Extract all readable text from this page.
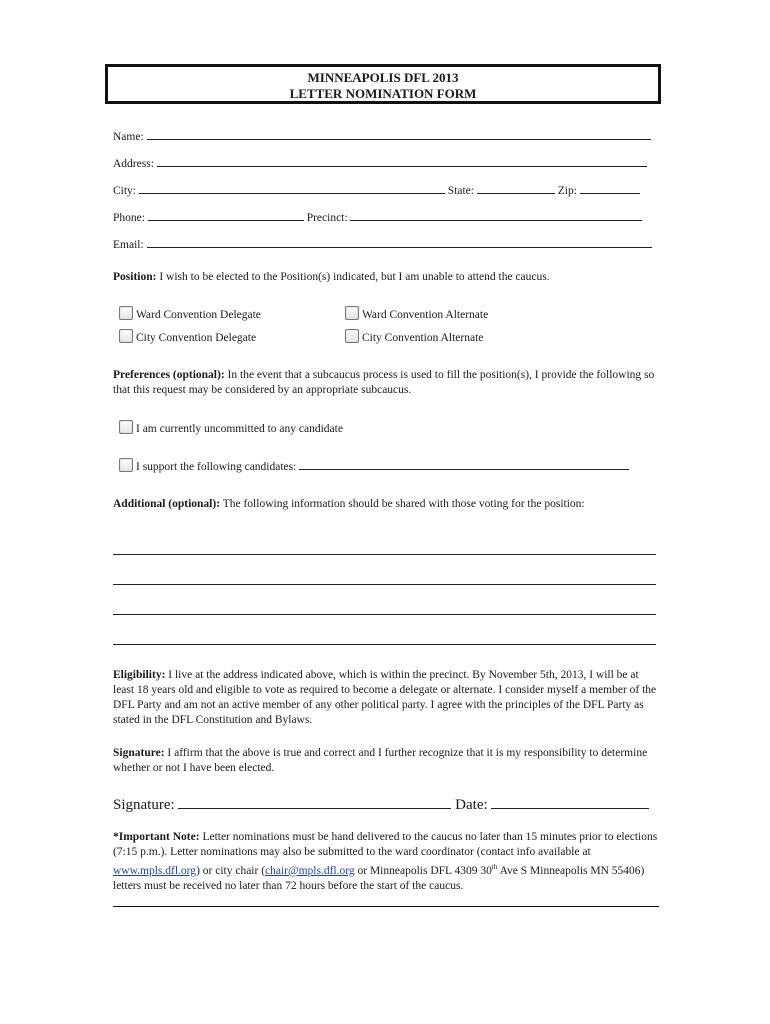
MINNEAPOLIS DFL 2013
LETTER NOMINATION FORM
Name:
Address:
City:	State:	Zip:
Phone:	Precinct:
Email:
Position: I wish to be elected to the Position(s) indicated, but I am unable to attend the caucus.
Ward Convention Delegate	Ward Convention Alternate
City Convention Delegate	City Convention Alternate
Preferences (optional): In the event that a subcaucus process is used to fill the position(s), I provide the following so that this request may be considered by an appropriate subcaucus.
I am currently uncommitted to any candidate
I support the following candidates:
Additional (optional): The following information should be shared with those voting for the position:
Eligibility: I live at the address indicated above, which is within the precinct. By November 5th, 2013, I will be at least 18 years old and eligible to vote as required to become a delegate or alternate. I consider myself a member of the DFL Party and am not an active member of any other political party. I agree with the principles of the DFL Party as stated in the DFL Constitution and Bylaws.
Signature: I affirm that the above is true and correct and I further recognize that it is my responsibility to determine whether or not I have been elected.
Signature:	Date:
*Important Note: Letter nominations must be hand delivered to the caucus no later than 15 minutes prior to elections (7:15 p.m.). Letter nominations may also be submitted to the ward coordinator (contact info available at www.mpls.dfl.org) or city chair (chair@mpls.dfl.org or Minneapolis DFL 4309 30th Ave S Minneapolis MN 55406) letters must be received no later than 72 hours before the start of the caucus.
